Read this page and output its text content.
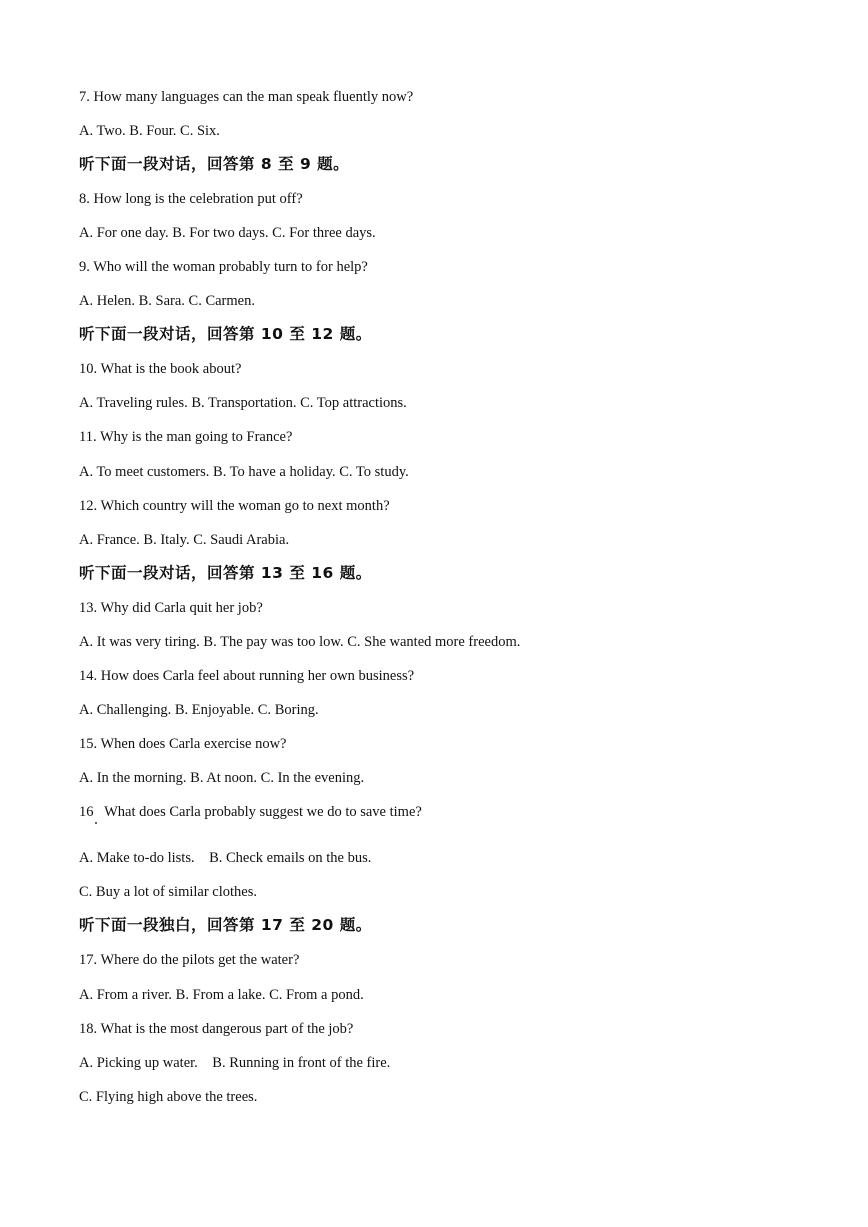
7. How many languages can the man speak fluently now?
A. Two. B. Four. C. Six.
听下面一段对话，回答第 8 至 9 题。
8. How long is the celebration put off?
A. For one day. B. For two days. C. For three days.
9. Who will the woman probably turn to for help?
A. Helen. B. Sara. C. Carmen.
听下面一段对话，回答第 10 至 12 题。
10. What is the book about?
A. Traveling rules. B. Transportation. C. Top attractions.
11. Why is the man going to France?
A. To meet customers. B. To have a holiday. C. To study.
12. Which country will the woman go to next month?
A. France. B. Italy. C. Saudi Arabia.
听下面一段对话，回答第 13 至 16 题。
13. Why did Carla quit her job?
A. It was very tiring. B. The pay was too low. C. She wanted more freedom.
14. How does Carla feel about running her own business?
A. Challenging. B. Enjoyable. C. Boring.
15. When does Carla exercise now?
A. In the morning. B. At noon. C. In the evening.
16   What does Carla probably suggest we do to save time?
A. Make to-do lists.    B. Check emails on the bus.
C. Buy a lot of similar clothes.
听下面一段独白，回答第 17 至 20 题。
17. Where do the pilots get the water?
A. From a river. B. From a lake. C. From a pond.
18. What is the most dangerous part of the job?
A. Picking up water.    B. Running in front of the fire.
C. Flying high above the trees.
